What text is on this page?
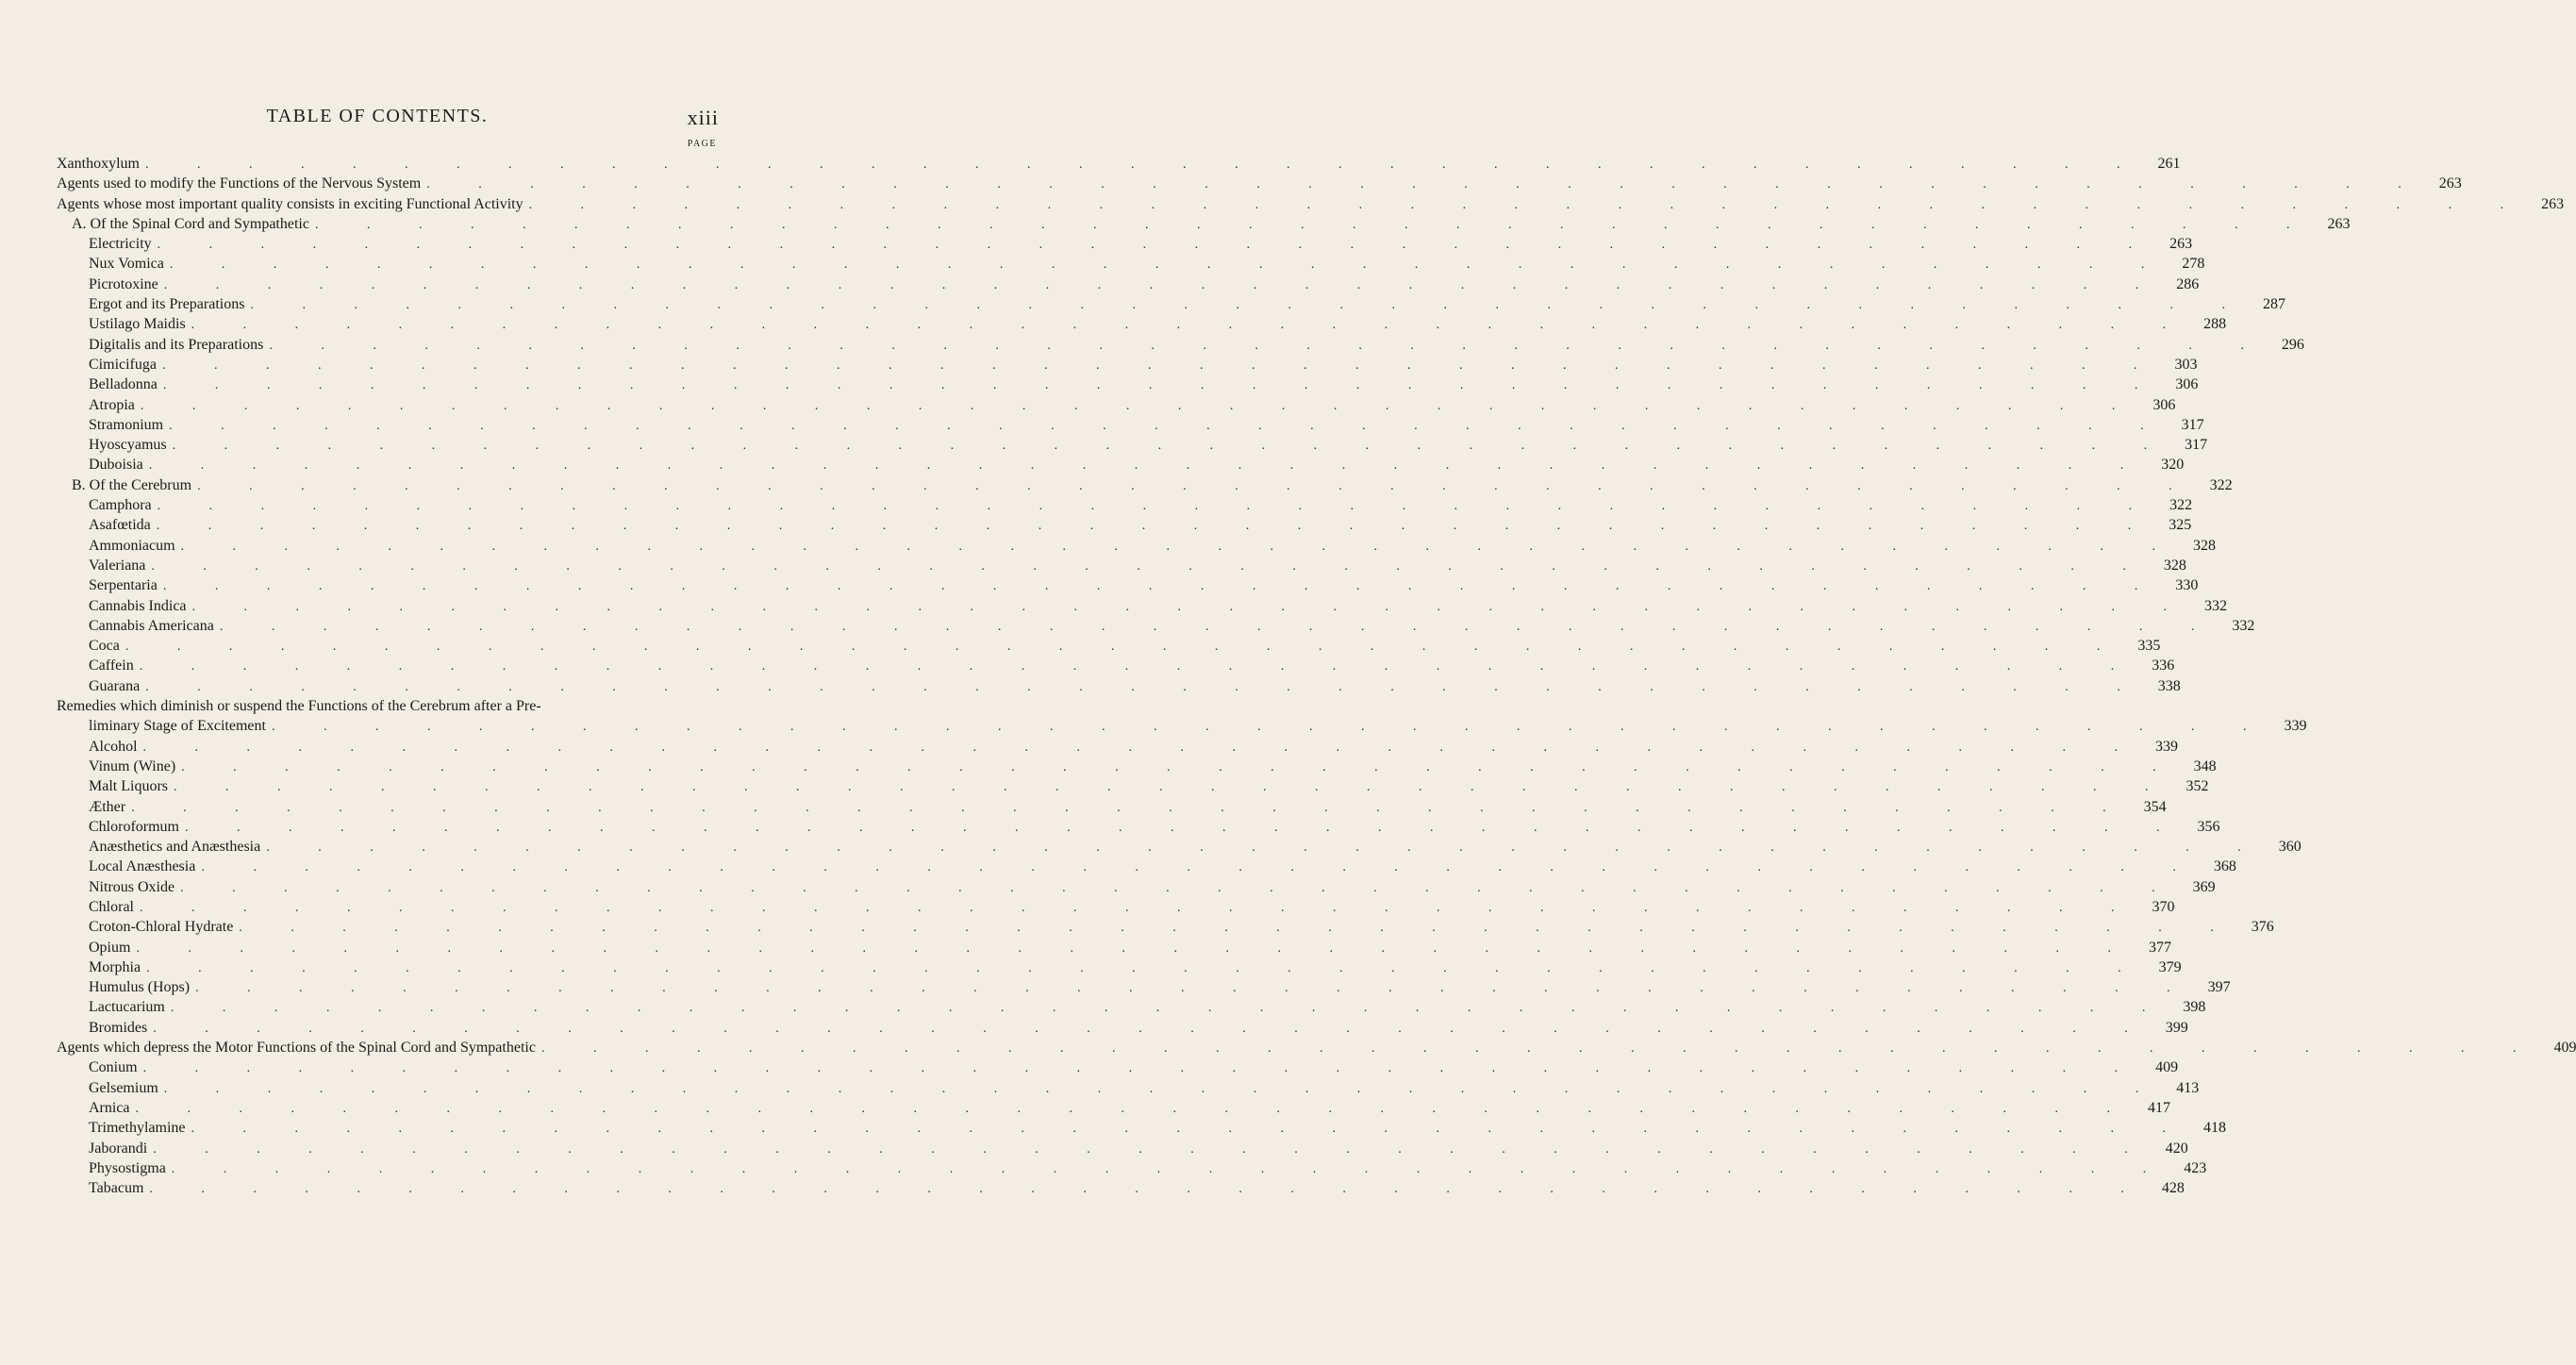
TABLE OF CONTENTS.	xiii
PAGE
Xanthoxylum . . . . . . . . . . . . . . . . . . . . . . . . . . . . . . . . . . . . . . .	261
Agents used to modify the Functions of the Nervous System . . . . . . . . . . . . . . . . . . . . . . . . . . . . . . . . . . . . . . .	263
Agents whose most important quality consists in exciting Functional Activity . . . . . . . . . . . . . . . . . . . . . . . . . . . . . . . . . . . . . . .	263
A. Of the Spinal Cord and Sympathetic . . . . . . . . . . . . . . . . . . . . . . . . . . . . . . . . . . . . . . .	263
Electricity . . . . . . . . . . . . . . . . . . . . . . . . . . . . . . . . . . . . . . .	263
Nux Vomica . . . . . . . . . . . . . . . . . . . . . . . . . . . . . . . . . . . . . . .	278
Picrotoxine . . . . . . . . . . . . . . . . . . . . . . . . . . . . . . . . . . . . . . .	286
Ergot and its Preparations . . . . . . . . . . . . . . . . . . . . . . . . . . . . . . . . . . . . . . .	287
Ustilago Maidis . . . . . . . . . . . . . . . . . . . . . . . . . . . . . . . . . . . . . . .	288
Digitalis and its Preparations . . . . . . . . . . . . . . . . . . . . . . . . . . . . . . . . . . . . . . .	296
Cimicifuga . . . . . . . . . . . . . . . . . . . . . . . . . . . . . . . . . . . . . . .	303
Belladonna . . . . . . . . . . . . . . . . . . . . . . . . . . . . . . . . . . . . . . .	306
Atropia . . . . . . . . . . . . . . . . . . . . . . . . . . . . . . . . . . . . . . .	306
Stramonium . . . . . . . . . . . . . . . . . . . . . . . . . . . . . . . . . . . . . . .	317
Hyoscyamus . . . . . . . . . . . . . . . . . . . . . . . . . . . . . . . . . . . . . . .	317
Duboisia . . . . . . . . . . . . . . . . . . . . . . . . . . . . . . . . . . . . . . .	320
B. Of the Cerebrum . . . . . . . . . . . . . . . . . . . . . . . . . . . . . . . . . . . . . . .	322
Camphora . . . . . . . . . . . . . . . . . . . . . . . . . . . . . . . . . . . . . . .	322
Asafœtida . . . . . . . . . . . . . . . . . . . . . . . . . . . . . . . . . . . . . . .	325
Ammoniacum . . . . . . . . . . . . . . . . . . . . . . . . . . . . . . . . . . . . . . .	328
Valeriana . . . . . . . . . . . . . . . . . . . . . . . . . . . . . . . . . . . . . . .	328
Serpentaria . . . . . . . . . . . . . . . . . . . . . . . . . . . . . . . . . . . . . . .	330
Cannabis Indica . . . . . . . . . . . . . . . . . . . . . . . . . . . . . . . . . . . . . . .	332
Cannabis Americana . . . . . . . . . . . . . . . . . . . . . . . . . . . . . . . . . . . . . . .	332
Coca . . . . . . . . . . . . . . . . . . . . . . . . . . . . . . . . . . . . . . .	335
Caffein . . . . . . . . . . . . . . . . . . . . . . . . . . . . . . . . . . . . . . .	336
Guarana . . . . . . . . . . . . . . . . . . . . . . . . . . . . . . . . . . . . . . .	338
Remedies which diminish or suspend the Functions of the Cerebrum after a Pre-
liminary Stage of Excitement . . . . . . . . . . . . . . . . . . . . . . . . . . . . . . . . . . . . . . .	339
Alcohol . . . . . . . . . . . . . . . . . . . . . . . . . . . . . . . . . . . . . . .	339
Vinum (Wine) . . . . . . . . . . . . . . . . . . . . . . . . . . . . . . . . . . . . . . .	348
Malt Liquors . . . . . . . . . . . . . . . . . . . . . . . . . . . . . . . . . . . . . . .	352
Æther . . . . . . . . . . . . . . . . . . . . . . . . . . . . . . . . . . . . . . .	354
Chloroformum . . . . . . . . . . . . . . . . . . . . . . . . . . . . . . . . . . . . . . .	356
Anæsthetics and Anæsthesia . . . . . . . . . . . . . . . . . . . . . . . . . . . . . . . . . . . . . . .	360
Local Anæsthesia . . . . . . . . . . . . . . . . . . . . . . . . . . . . . . . . . . . . . . .	368
Nitrous Oxide . . . . . . . . . . . . . . . . . . . . . . . . . . . . . . . . . . . . . . .	369
Chloral . . . . . . . . . . . . . . . . . . . . . . . . . . . . . . . . . . . . . . .	370
Croton-Chloral Hydrate . . . . . . . . . . . . . . . . . . . . . . . . . . . . . . . . . . . . . . .	376
Opium . . . . . . . . . . . . . . . . . . . . . . . . . . . . . . . . . . . . . . .	377
Morphia . . . . . . . . . . . . . . . . . . . . . . . . . . . . . . . . . . . . . . .	379
Humulus (Hops) . . . . . . . . . . . . . . . . . . . . . . . . . . . . . . . . . . . . . . .	397
Lactucarium . . . . . . . . . . . . . . . . . . . . . . . . . . . . . . . . . . . . . . .	398
Bromides . . . . . . . . . . . . . . . . . . . . . . . . . . . . . . . . . . . . . . .	399
Agents which depress the Motor Functions of the Spinal Cord and Sympathetic . . . . . . . . . . . . . . . . . . . . . . . . . . . . . . . . . . . . . . .	409
Conium . . . . . . . . . . . . . . . . . . . . . . . . . . . . . . . . . . . . . . .	409
Gelsemium . . . . . . . . . . . . . . . . . . . . . . . . . . . . . . . . . . . . . . .	413
Arnica . . . . . . . . . . . . . . . . . . . . . . . . . . . . . . . . . . . . . . .	417
Trimethylamine . . . . . . . . . . . . . . . . . . . . . . . . . . . . . . . . . . . . . . .	418
Jaborandi . . . . . . . . . . . . . . . . . . . . . . . . . . . . . . . . . . . . . . .	420
Physostigma . . . . . . . . . . . . . . . . . . . . . . . . . . . . . . . . . . . . . . .	423
Tabacum . . . . . . . . . . . . . . . . . . . . . . . . . . . . . . . . . . . . . . .	428
